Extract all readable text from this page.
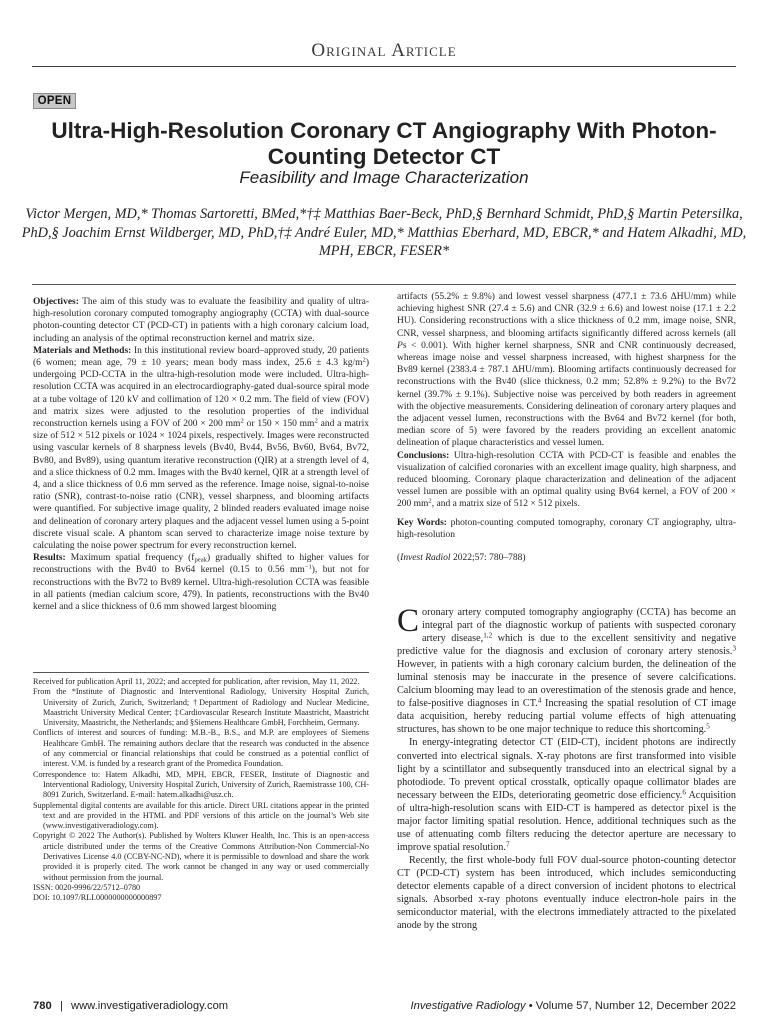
Original Article
OPEN
Ultra-High-Resolution Coronary CT Angiography With Photon-Counting Detector CT
Feasibility and Image Characterization
Victor Mergen, MD,* Thomas Sartoretti, BMed,*†‡ Matthias Baer-Beck, PhD,§ Bernhard Schmidt, PhD,§ Martin Petersilka, PhD,§ Joachim Ernst Wildberger, MD, PhD,†‡ André Euler, MD,* Matthias Eberhard, MD, EBCR,* and Hatem Alkadhi, MD, MPH, EBCR, FESER*

Objectives: The aim of this study was to evaluate the feasibility and quality of ultra-high-resolution coronary computed tomography angiography (CCTA) with dual-source photon-counting detector CT (PCD-CT) in patients with a high coronary calcium load, including an analysis of the optimal reconstruction kernel and matrix size.

Materials and Methods: In this institutional review board–approved study, 20 patients (6 women; mean age, 79 ± 10 years; mean body mass index, 25.6 ± 4.3 $kg/m^2$) undergoing PCD-CCTA in the ultra-high-resolution mode were included. Ultra-high-resolution CCTA was acquired in an electrocardiography-gated dual-source spiral mode at a tube voltage of 120 kV and collimation of 120 × 0.2 mm. The field of view (FOV) and matrix sizes were adjusted to the resolution properties of the individual reconstruction kernels using a FOV of 200 × 200 $mm^2$ or 150 × 150 $mm^2$ and a matrix size of 512 × 512 pixels or 1024 × 1024 pixels, respectively. Images were reconstructed using vascular kernels of 8 sharpness levels (Bv40, Bv44, Bv56, Bv60, Bv64, Bv72, Bv80, and Bv89), using quantum iterative reconstruction (QIR) at a strength level of 4, and a slice thickness of 0.2 mm. Images with the Bv40 kernel, QIR at a strength level of 4, and a slice thickness of 0.6 mm served as the reference. Image noise, signal-to-noise ratio (SNR), contrast-to-noise ratio (CNR), vessel sharpness, and blooming artifacts were quantified. For subjective image quality, 2 blinded readers evaluated image noise and delineation of coronary artery plaques and the adjacent vessel lumen using a 5-point discrete visual scale. A phantom scan served to characterize image noise texture by calculating the noise power spectrum for every reconstruction kernel.

Results: Maximum spatial frequency $(f_{peak})$ gradually shifted to higher values for reconstructions with the Bv40 to Bv64 kernel (0.15 to 0.56 $mm^{-1}$), but not for reconstructions with the Bv72 to Bv89 kernel. Ultra-high-resolution CCTA was feasible in all patients (median calcium score, 479). In patients, reconstructions with the Bv40 kernel and a slice thickness of 0.6 mm showed largest blooming

artifacts (55.2% ± 9.8%) and lowest vessel sharpness (477.1 ± 73.6 ΔHU/mm) while achieving highest SNR (27.4 ± 5.6) and CNR (32.9 ± 6.6) and lowest noise (17.1 ± 2.2 HU). Considering reconstructions with a slice thickness of 0.2 mm, image noise, SNR, CNR, vessel sharpness, and blooming artifacts significantly differed across kernels (all Ps < 0.001). With higher kernel sharpness, SNR and CNR continuously decreased, whereas image noise and vessel sharpness increased, with highest sharpness for the Bv89 kernel (2383.4 ± 787.1 ΔHU/mm). Blooming artifacts continuously decreased for reconstructions with the Bv40 (slice thickness, 0.2 mm; 52.8% ± 9.2%) to the Bv72 kernel (39.7% ± 9.1%). Subjective noise was perceived by both readers in agreement with the objective measurements. Considering delineation of coronary artery plaques and the adjacent vessel lumen, reconstructions with the Bv64 and Bv72 kernel (for both, median score of 5) were favored by the readers providing an excellent anatomic delineation of plaque characteristics and vessel lumen.

Conclusions: Ultra-high-resolution CCTA with PCD-CT is feasible and enables the visualization of calcified coronaries with an excellent image quality, high sharpness, and reduced blooming. Coronary plaque characterization and delineation of the adjacent vessel lumen are possible with an optimal quality using Bv64 kernel, a FOV of 200 × 200 $mm^2$, and a matrix size of 512 × 512 pixels.

Key Words: photon-counting computed tomography, coronary CT angiography, ultra-high-resolution

(Invest Radiol 2022;57: 780–788)

Received for publication April 11, 2022; and accepted for publication, after revision, May 11, 2022.

From the *Institute of Diagnostic and Interventional Radiology, University Hospital Zurich, University of Zurich, Zurich, Switzerland; †Department of Radiology and Nuclear Medicine, Maastricht University Medical Center; ‡Cardiovascular Research Institute Maastricht, Maastricht University, Maastricht, the Netherlands; and §Siemens Healthcare GmbH, Forchheim, Germany.

Conflicts of interest and sources of funding: M.B.-B., B.S., and M.P. are employees of Siemens Healthcare GmbH. The remaining authors declare that the research was conducted in the absence of any commercial or financial relationships that could be construed as a potential conflict of interest. V.M. is funded by a research grant of the Promedica Foundation.

Correspondence to: Hatem Alkadhi, MD, MPH, EBCR, FESER, Institute of Diagnostic and Interventional Radiology, University Hospital Zurich, University of Zurich, Raemistrasse 100, CH-8091 Zurich, Switzerland. E-mail: hatem.alkadhi@usz.ch.

Supplemental digital contents are available for this article. Direct URL citations appear in the printed text and are provided in the HTML and PDF versions of this article on the journal’s Web site (www.investigativeradiology.com).

Copyright © 2022 The Author(s). Published by Wolters Kluwer Health, Inc. This is an open-access article distributed under the terms of the Creative Commons Attribution-Non Commercial-No Derivatives License 4.0 (CCBY-NC-ND), where it is permissible to download and share the work provided it is properly cited. The work cannot be changed in any way or used commercially without permission from the journal.

ISSN: 0020-9996/22/5712–0780

DOI: 10.1097/RLI.0000000000000897

Coronary artery computed tomography angiography (CCTA) has become an integral part of the diagnostic workup of patients with suspected coronary artery disease,$^{1,2}$ which is due to the excellent sensitivity and negative predictive value for the diagnosis and exclusion of coronary artery stenosis.$^3$ However, in patients with a high coronary calcium burden, the delineation of the luminal stenosis may be inaccurate in the presence of severe calcifications. Calcium blooming may lead to an overestimation of the stenosis grade and hence, to false-positive diagnoses in CT.$^4$ Increasing the spatial resolution of CT image data acquisition, hereby reducing partial volume effects of high attenuating structures, has shown to be one major technique to reduce this shortcoming.$^5$

In energy-integrating detector CT (EID-CT), incident photons are indirectly converted into electrical signals. X-ray photons are first transformed into visible light by a scintillator and subsequently transduced into an electrical signal by a photodiode. To prevent optical crosstalk, optically opaque collimator blades are necessary between the EIDs, deteriorating geometric dose efficiency.$^6$ Acquisition of ultra-high-resolution scans with EID-CT is hampered as detector pixel is the major factor limiting spatial resolution. Hence, additional techniques such as the use of attenuating comb filters reducing the detector aperture are necessary to improve spatial resolution.$^7$

Recently, the first whole-body full FOV dual-source photon-counting detector CT (PCD-CT) system has been introduced, which includes semiconducting detector elements capable of a direct conversion of incident photons to electrical signals. Absorbed x-ray photons eventually induce electron-hole pairs in the semiconductor material, with the electrons immediately attracted to the pixelated anode by the strong

780 | www.investigativeradiology.com	Investigative Radiology • Volume 57, Number 12, December 2022
